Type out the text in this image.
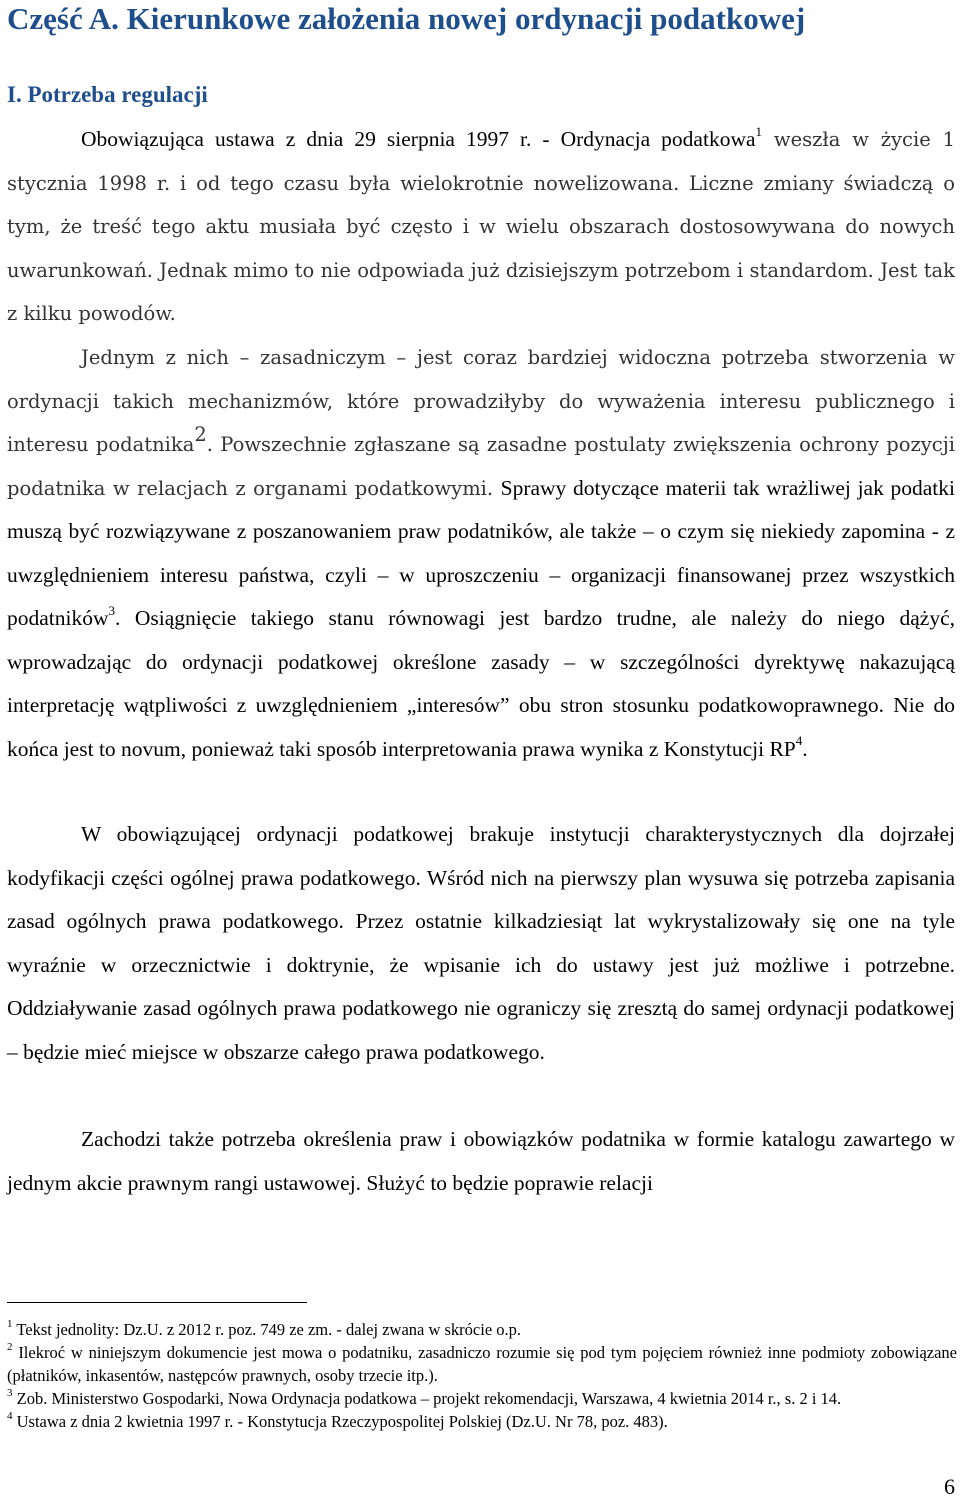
Część A. Kierunkowe założenia nowej ordynacji podatkowej
I. Potrzeba regulacji

Obowiązująca ustawa z dnia 29 sierpnia 1997 r. - Ordynacja podatkowa$^1$ weszła w życie 1 stycznia 1998 r. i od tego czasu była wielokrotnie nowelizowana. Liczne zmiany świadczą o tym, że treść tego aktu musiała być często i w wielu obszarach dostosowywana do nowych uwarunkowań. Jednak mimo to nie odpowiada już dzisiejszym potrzebom i standardom. Jest tak z kilku powodów.

Jednym z nich – zasadniczym – jest coraz bardziej widoczna potrzeba stworzenia w ordynacji takich mechanizmów, które prowadziłyby do wyważenia interesu publicznego i interesu podatnika$^2$. Powszechnie zgłaszane są zasadne postulaty zwiększenia ochrony pozycji podatnika w relacjach z organami podatkowymi. Sprawy dotyczące materii tak wrażliwej jak podatki muszą być rozwiązywane z poszanowaniem praw podatników, ale także – o czym się niekiedy zapomina - z uwzględnieniem interesu państwa, czyli – w uproszczeniu – organizacji finansowanej przez wszystkich podatników$^3$. Osiągnięcie takiego stanu równowagi jest bardzo trudne, ale należy do niego dążyć, wprowadzając do ordynacji podatkowej określone zasady – w szczególności dyrektywę nakazującą interpretację wątpliwości z uwzględnieniem „interesów” obu stron stosunku podatkowoprawnego. Nie do końca jest to novum, ponieważ taki sposób interpretowania prawa wynika z Konstytucji $RP^4$.

W obowiązującej ordynacji podatkowej brakuje instytucji charakterystycznych dla dojrzałej kodyfikacji części ogólnej prawa podatkowego. Wśród nich na pierwszy plan wysuwa się potrzeba zapisania zasad ogólnych prawa podatkowego. Przez ostatnie kilkadziesiąt lat wykrystalizowały się one na tyle wyraźnie w orzecznictwie i doktrynie, że wpisanie ich do ustawy jest już możliwe i potrzebne. Oddziaływanie zasad ogólnych prawa podatkowego nie ograniczy się zresztą do samej ordynacji podatkowej – będzie mieć miejsce w obszarze całego prawa podatkowego.

Zachodzi także potrzeba określenia praw i obowiązków podatnika w formie katalogu zawartego w jednym akcie prawnym rangi ustawowej. Służyć to będzie poprawie relacji

$^1$ Tekst jednolity: Dz.U. z 2012 r. poz. 749 ze zm. - dalej zwana w skrócie o.p.

$^2$ Ilekroć w niniejszym dokumencie jest mowa o podatniku, zasadniczo rozumie się pod tym pojęciem również inne podmioty zobowiązane (płatników, inkasentów, następców prawnych, osoby trzecie itp.).

$^3$ Zob. Ministerstwo Gospodarki, Nowa Ordynacja podatkowa – projekt rekomendacji, Warszawa, 4 kwietnia 2014 r., s. 2 i 14.

$^4$ Ustawa z dnia 2 kwietnia 1997 r. - Konstytucja Rzeczypospolitej Polskiej (Dz.U. Nr 78, poz. 483).

6
